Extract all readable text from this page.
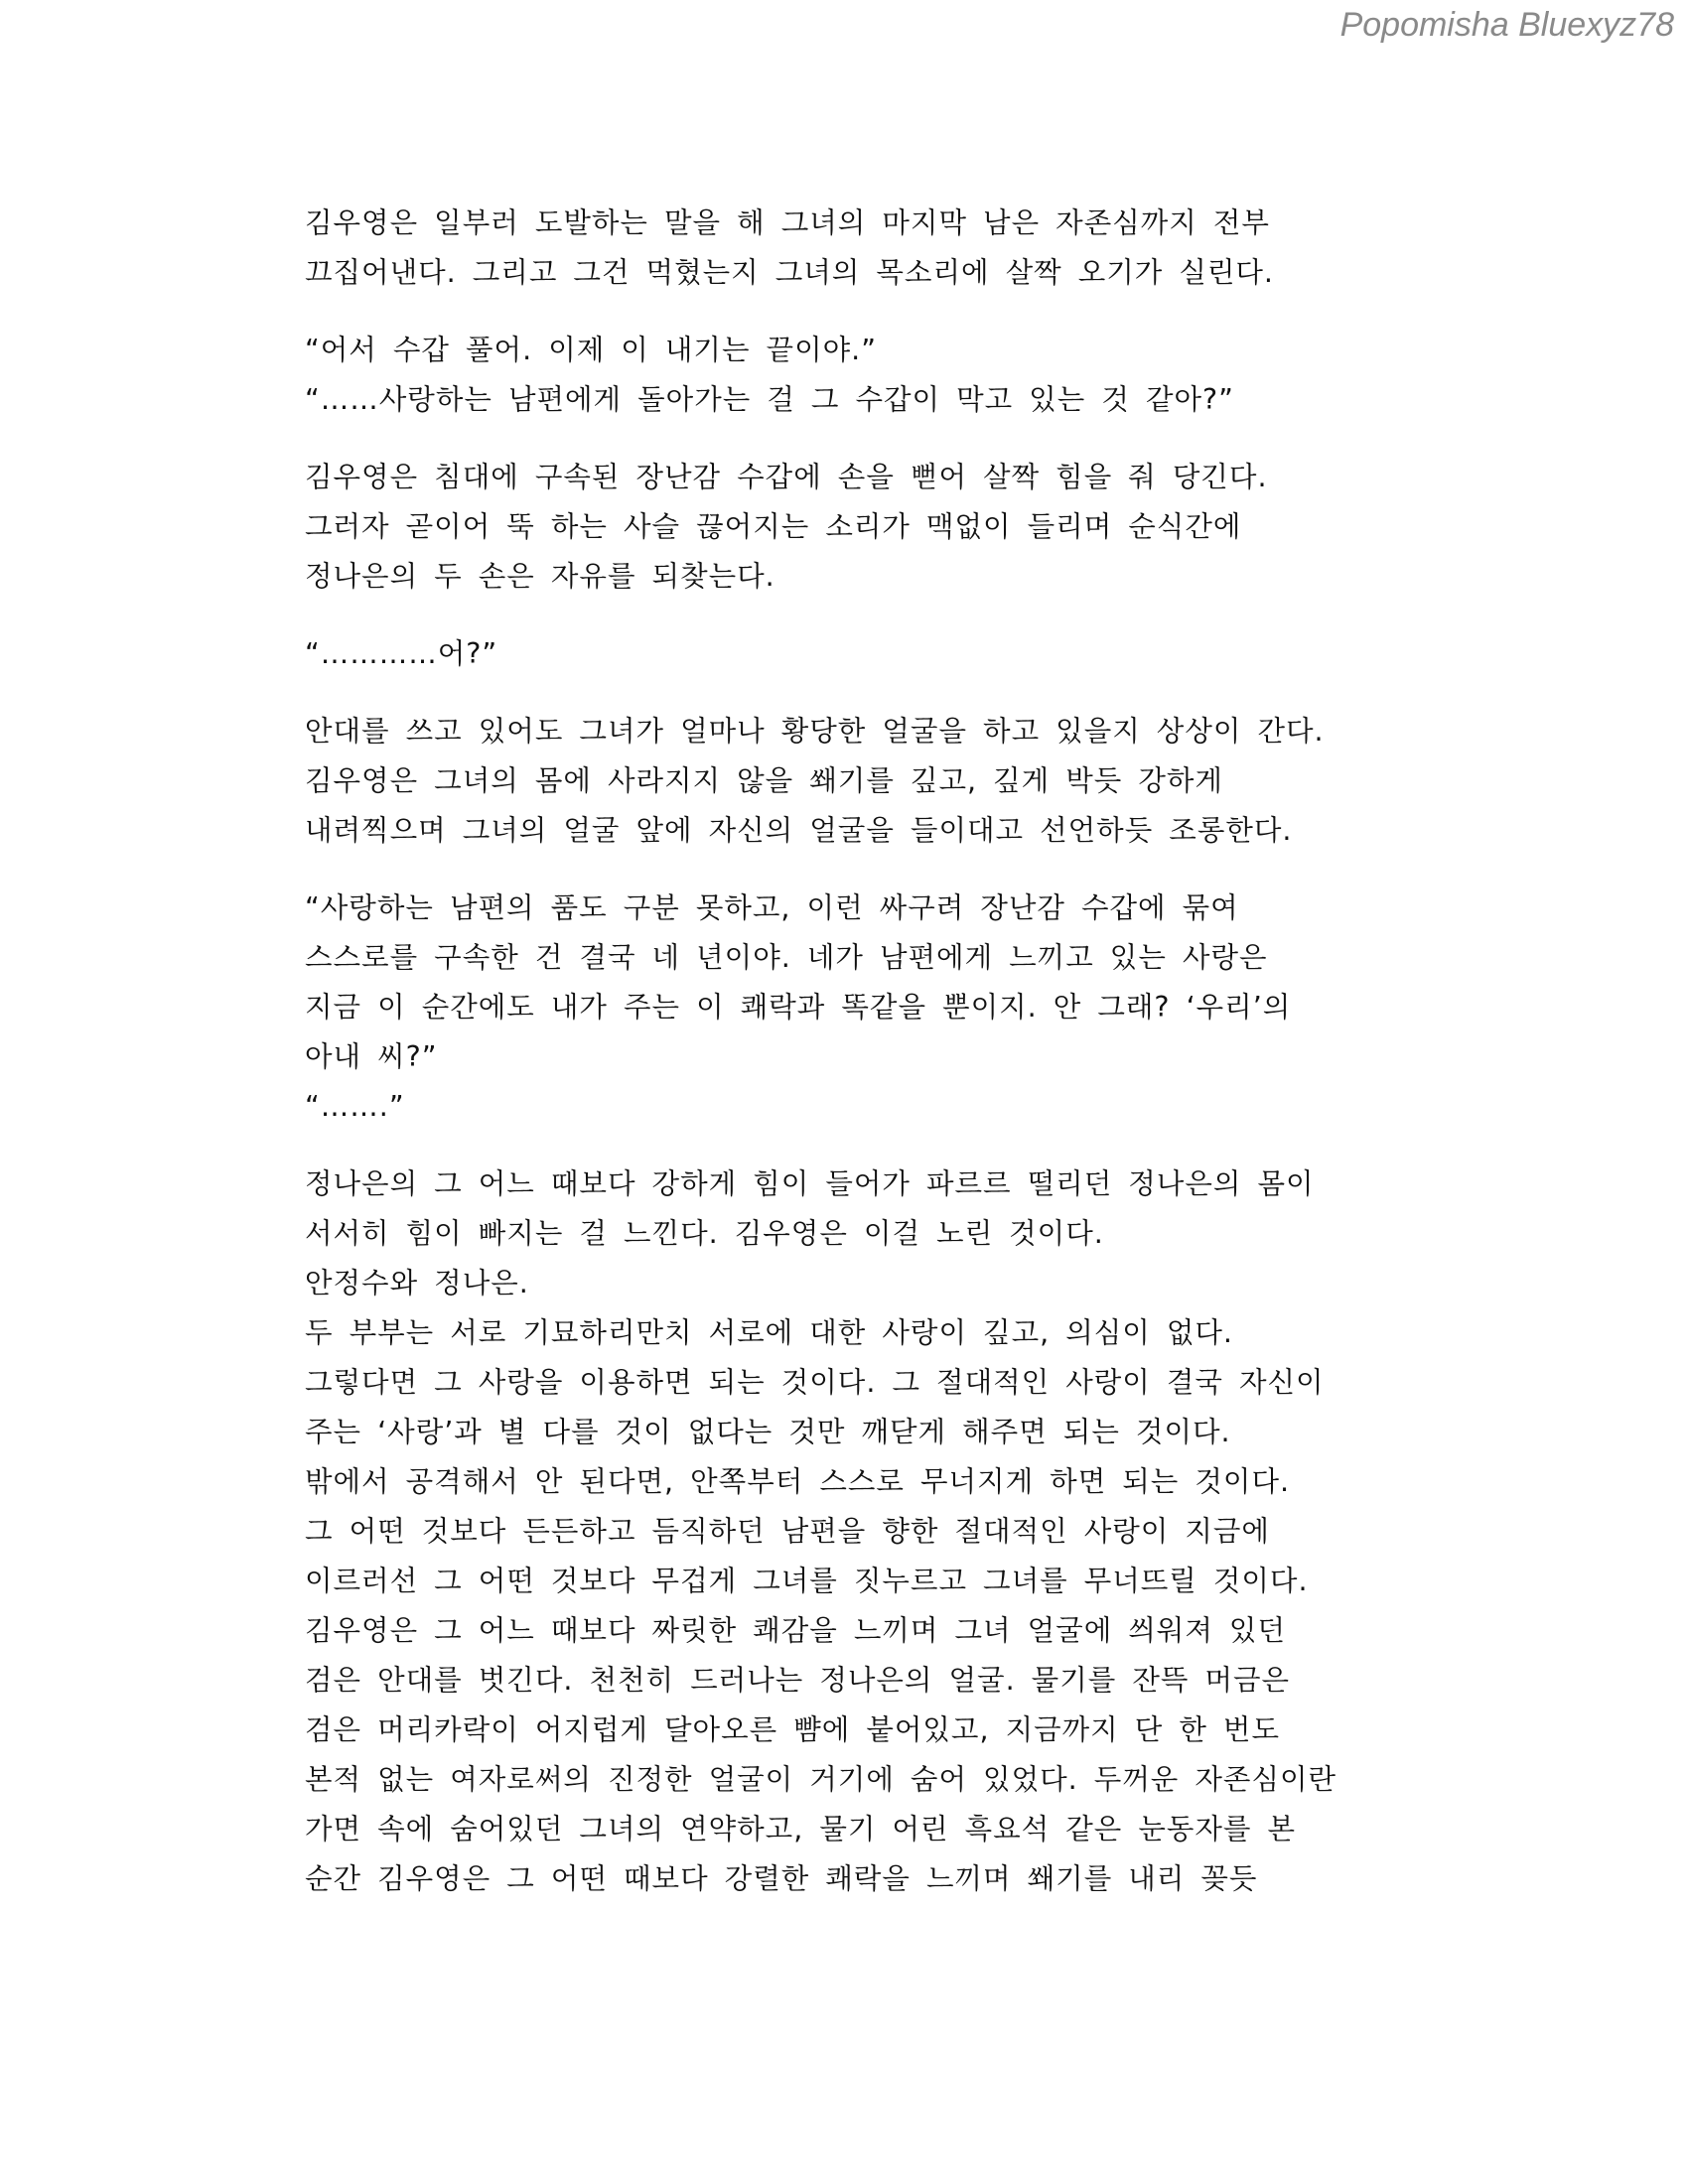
Popomisha Bluexyz78
김우영은 일부러 도발하는 말을 해 그녀의 마지막 남은 자존심까지 전부
끄집어낸다. 그리고 그건 먹혔는지 그녀의 목소리에 살짝 오기가 실린다.
“어서 수갑 풀어. 이제 이 내기는 끝이야.”
“……사랑하는 남편에게 돌아가는 걸 그 수갑이 막고 있는 것 같아?”
김우영은 침대에 구속된 장난감 수갑에 손을 뻗어 살짝 힘을 줘 당긴다.
그러자 곧이어 뚝 하는 사슬 끊어지는 소리가 맥없이 들리며 순식간에
정나은의 두 손은 자유를 되찾는다.
“…………어?”
안대를 쓰고 있어도 그녀가 얼마나 황당한 얼굴을 하고 있을지 상상이 간다.
김우영은 그녀의 몸에 사라지지 않을 쐐기를 깊고, 깊게 박듯 강하게
내려찍으며 그녀의 얼굴 앞에 자신의 얼굴을 들이대고 선언하듯 조롱한다.
“사랑하는 남편의 품도 구분 못하고, 이런 싸구려 장난감 수갑에 묶여
스스로를 구속한 건 결국 네 년이야. 네가 남편에게 느끼고 있는 사랑은
지금 이 순간에도 내가 주는 이 쾌락과 똑같을 뿐이지. 안 그래? ‘우리’의
아내 씨?”
“…….”
정나은의 그 어느 때보다 강하게 힘이 들어가 파르르 떨리던 정나은의 몸이
서서히 힘이 빠지는 걸 느낀다. 김우영은 이걸 노린 것이다.
안정수와 정나은.
두 부부는 서로 기묘하리만치 서로에 대한 사랑이 깊고, 의심이 없다.
그렇다면 그 사랑을 이용하면 되는 것이다. 그 절대적인 사랑이 결국 자신이
주는 ‘사랑’과 별 다를 것이 없다는 것만 깨닫게 해주면 되는 것이다.
밖에서 공격해서 안 된다면, 안쪽부터 스스로 무너지게 하면 되는 것이다.
그 어떤 것보다 든든하고 듬직하던 남편을 향한 절대적인 사랑이 지금에
이르러선 그 어떤 것보다 무겁게 그녀를 짓누르고 그녀를 무너뜨릴 것이다.
김우영은 그 어느 때보다 짜릿한 쾌감을 느끼며 그녀 얼굴에 씌워져 있던
검은 안대를 벗긴다. 천천히 드러나는 정나은의 얼굴. 물기를 잔뜩 머금은
검은 머리카락이 어지럽게 달아오른 뺨에 붙어있고, 지금까지 단 한 번도
본적 없는 여자로써의 진정한 얼굴이 거기에 숨어 있었다. 두꺼운 자존심이란
가면 속에 숨어있던 그녀의 연약하고, 물기 어린 흑요석 같은 눈동자를 본
순간 김우영은 그 어떤 때보다 강렬한 쾌락을 느끼며 쐐기를 내리 꽂듯
